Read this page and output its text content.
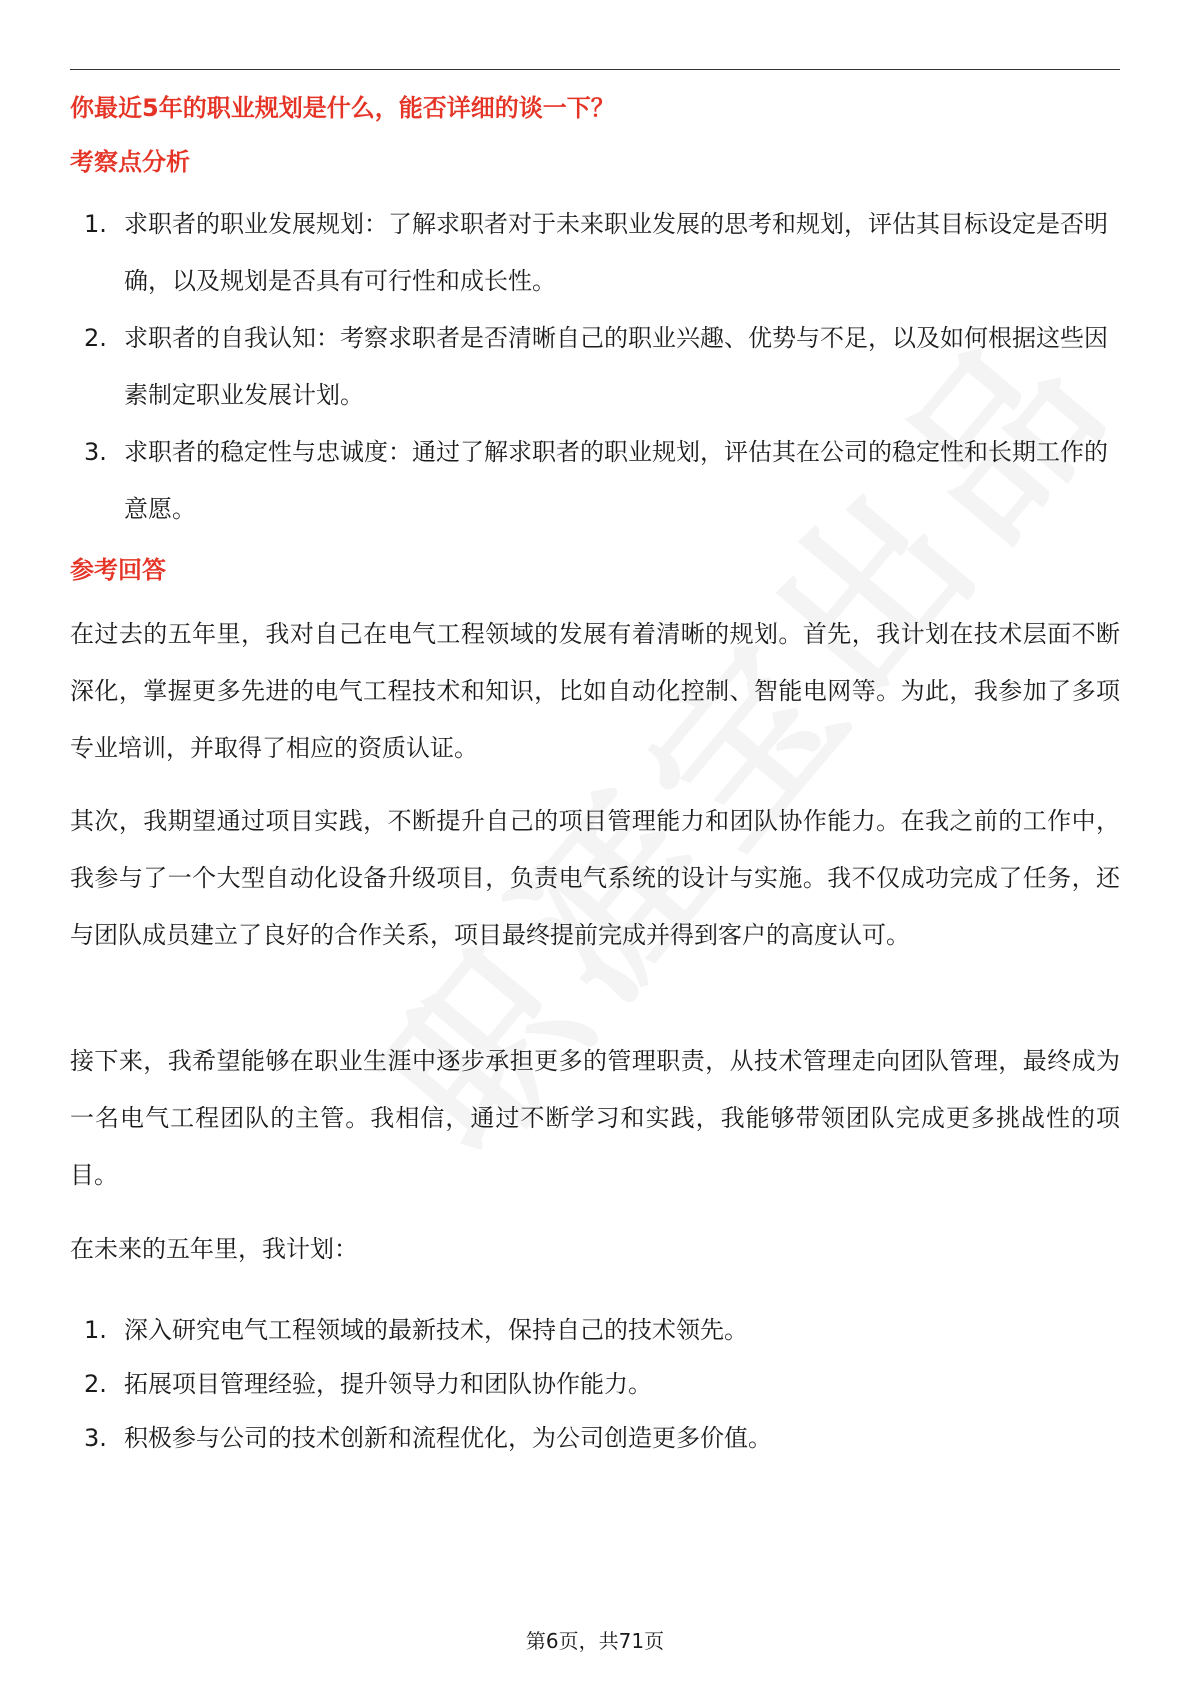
你最近5年的职业规划是什么，能否详细的谈一下？
考察点分析
1. 求职者的职业发展规划：了解求职者对于未来职业发展的思考和规划，评估其目标设定是否明确，以及规划是否具有可行性和成长性。
2. 求职者的自我认知：考察求职者是否清晰自己的职业兴趣、优势与不足，以及如何根据这些因素制定职业发展计划。
3. 求职者的稳定性与忠诚度：通过了解求职者的职业规划，评估其在公司的稳定性和长期工作的意愿。
参考回答

在过去的五年里，我对自己在电气工程领域的发展有着清晰的规划。首先，我计划在技术层面不断深化，掌握更多先进的电气工程技术和知识，比如自动化控制、智能电网等。为此，我参加了多项专业培训，并取得了相应的资质认证。

其次，我期望通过项目实践，不断提升自己的项目管理能力和团队协作能力。在我之前的工作中，我参与了一个大型自动化设备升级项目，负责电气系统的设计与实施。我不仅成功完成了任务，还与团队成员建立了良好的合作关系，项目最终提前完成并得到客户的高度认可。

接下来，我希望能够在职业生涯中逐步承担更多的管理职责，从技术管理走向团队管理，最终成为一名电气工程团队的主管。我相信，通过不断学习和实践，我能够带领团队完成更多挑战性的项目。

在未来的五年里，我计划：

1. 深入研究电气工程领域的最新技术，保持自己的技术领先。
2. 拓展项目管理经验，提升领导力和团队协作能力。
3. 积极参与公司的技术创新和流程优化，为公司创造更多价值。
第6页，共71页
